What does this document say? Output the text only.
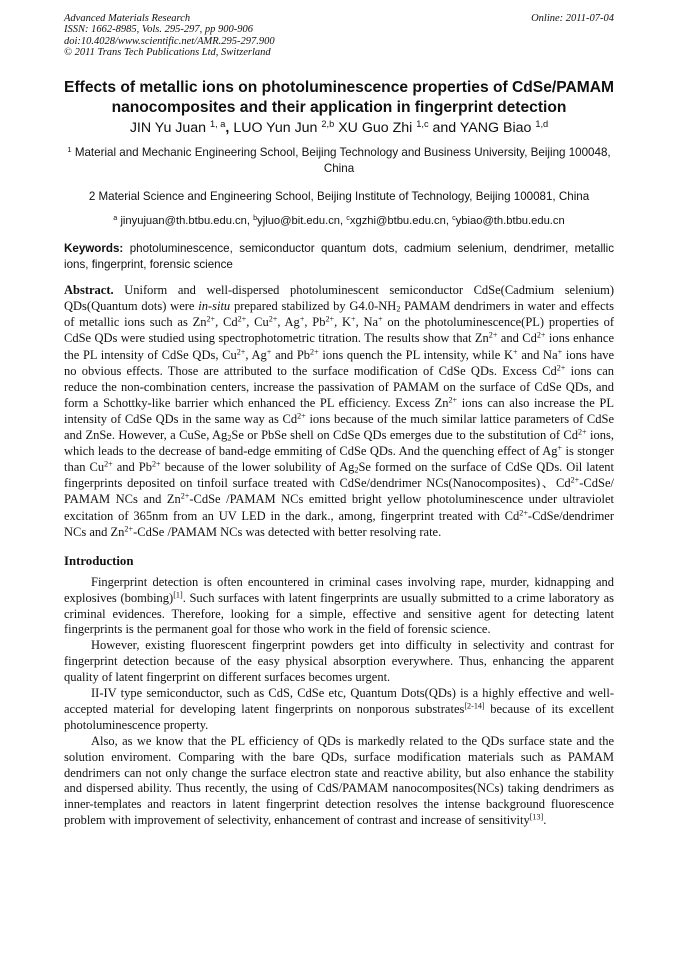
Advanced Materials Research
ISSN: 1662-8985, Vols. 295-297, pp 900-906
doi:10.4028/www.scientific.net/AMR.295-297.900
© 2011 Trans Tech Publications Ltd, Switzerland
Online: 2011-07-04
Effects of metallic ions on photoluminescence properties of CdSe/PAMAM nanocomposites and their application in fingerprint detection
JIN Yu Juan $^{1, a}$, LUO Yun Jun $^{2,b}$ XU Guo Zhi $^{1,c}$ and YANG Biao $^{1,d}$
$^1$ Material and Mechanic Engineering School, Beijing Technology and Business University, Beijing 100048, China
2 Material Science and Engineering School, Beijing Institute of Technology, Beijing 100081, China
$^a$ jinyujuan@th.btbu.edu.cn, $^b$yjluo@bit.edu.cn, $^c$xgzhi@btbu.edu.cn, $^c$ybiao@th.btbu.edu.cn
Keywords: photoluminescence, semiconductor quantum dots, cadmium selenium, dendrimer, metallic ions, fingerprint, forensic science
Abstract. Uniform and well-dispersed photoluminescent semiconductor CdSe(Cadmium selenium) QDs(Quantum dots) were in-situ prepared stabilized by $G4.0-NH_2$ PAMAM dendrimers in water and effects of metallic ions such as $Zn^{2+}$, $Cd^{2+}$, $Cu^{2+}$, Ag+, $Pb^{2+}$, K+, Na+ on the photoluminescence(PL) properties of CdSe QDs were studied using spectrophotometric titration. The results show that $Zn^{2+}$ and $Cd^{2+}$ ions enhance the PL intensity of CdSe QDs, $Cu^{2+}$, Ag+ and $Pb^{2+}$ ions quench the PL intensity, while K+ and Na+ ions have no obvious effects. Those are attributed to the surface modification of CdSe QDs. Excess $Cd^{2+}$ ions can reduce the non-combination centers, increase the passivation of PAMAM on the surface of CdSe QDs, and form a Schottky-like barrier which enhanced the PL efficiency. Excess $Zn^{2+}$ ions can also increase the PL intensity of CdSe QDs in the same way as $Cd^{2+}$ ions because of the much similar lattice parameters of CdSe and ZnSe. However, a CuSe, $Ag_2Se$ or PbSe shell on CdSe QDs emerges due to the substitution of $Cd^{2+}$ ions, which leads to the decrease of band-edge emmiting of CdSe QDs. And the quenching effect of Ag+ is stonger than $Cu^{2+}$ and $Pb^{2+}$ because of the lower solubility of $Ag_2Se$ formed on the surface of CdSe QDs. Oil latent fingerprints deposited on tinfoil surface treated with CdSe/dendrimer NCs(Nanocomposites)、$Cd^{2+}-CdSe/$ PAMAM NCs and $Zn^{2+}$-CdSe /PAMAM NCs emitted bright yellow photoluminescence under ultraviolet excitation of 365nm from an UV LED in the dark., among, fingerprint treated with $Cd^{2+}-CdSe$/dendrimer NCs and $Zn^{2+}$-CdSe /PAMAM NCs was detected with better resolving rate.
Introduction

Fingerprint detection is often encountered in criminal cases involving rape, murder, kidnapping and explosives (bombing)[1]. Such surfaces with latent fingerprints are usually submitted to a crime laboratory as criminal evidences. Therefore, looking for a simple, effective and sensitive agent for detecting latent fingerprints is the permanent goal for those who work in the field of forensic science.

However, existing fluorescent fingerprint powders get into difficulty in selectivity and contrast for fingerprint detection because of the easy physical absorption everywhere. Thus, enhancing the apparent quality of latent fingerprint on different surfaces becomes urgent.

II-IV type semiconductor, such as CdS, CdSe etc, Quantum Dots(QDs) is a highly effective and well-accepted material for developing latent fingerprints on nonporous substrates[2-14] because of its excellent photoluminescence property.

Also, as we know that the PL efficiency of QDs is markedly related to the QDs surface state and the solution enviroment. Comparing with the bare QDs, surface modification materials such as PAMAM dendrimers can not only change the surface electron state and reactive ability, but also enhance the stability and dispersed ability. Thus recently, the using of CdS/PAMAM nanocomposites(NCs) taking dendrimers as inner-templates and reactors in latent fingerprint detection resolves the intense background fluorescence problem with improvement of selectivity, enhancement of contrast and increase of sensitivity[13].
